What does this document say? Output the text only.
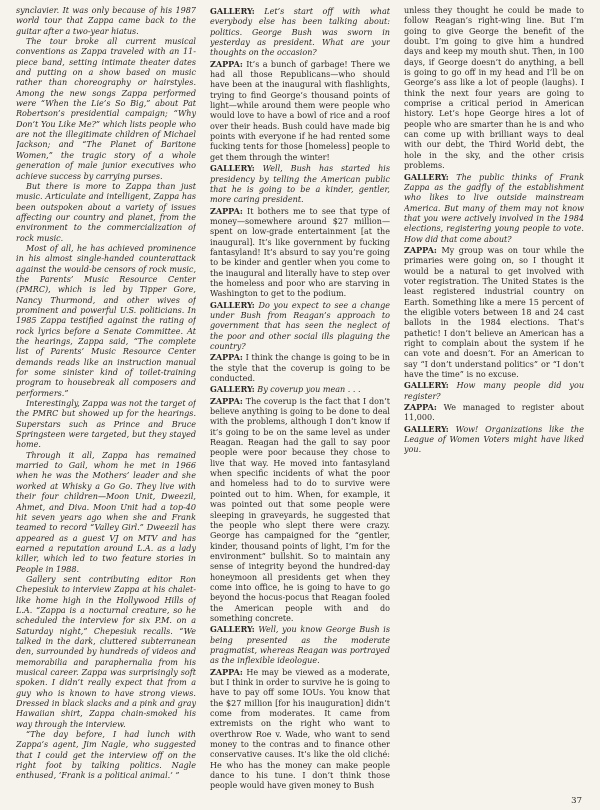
synclavier. It was only because of his 1987 world tour that Zappa came back to the guitar after a two-year hiatus.

The tour broke all current musical conventions as Zappa traveled with an 11-piece band, setting intimate theater dates and putting on a show based on music rather than choreography or hairstyles. Among the new songs Zappa performed were “When the Lie’s So Big,” about Pat Robertson’s presidential campaign; “Why Don’t You Like Me?” which lists people who are not the illegitimate children of Michael Jackson; and “The Planet of Baritone Women,” the tragic story of a whole generation of male junior executives who achieve success by carrying purses.

But there is more to Zappa than just music. Articulate and intelligent, Zappa has been outspoken about a variety of issues affecting our country and planet, from the environment to the commercialization of rock music.

Most of all, he has achieved prominence in his almost single-handed counterattack against the would-be censors of rock music, the Parents’ Music Resource Center (PMRC), which is led by Tipper Gore, Nancy Thurmond, and other wives of prominent and powerful U.S. politicians. In 1985 Zappa testified against the rating of rock lyrics before a Senate Committee. At the hearings, Zappa said, “The complete list of Parents’ Music Resource Center demands reads like an instruction manual for some sinister kind of toilet-training program to housebreak all composers and performers.”

Interestingly, Zappa was not the target of the PMRC but showed up for the hearings. Superstars such as Prince and Bruce Springsteen were targeted, but they stayed home.

Through it all, Zappa has remained married to Gail, whom he met in 1966 when he was the Mothers’ leader and she worked at Whisky a Go Go. They live with their four children—Moon Unit, Dweezil, Ahmet, and Diva. Moon Unit had a top-40 hit seven years ago when she and Frank teamed to record “Valley Girl.” Dweezil has appeared as a guest VJ on MTV and has earned a reputation around L.A. as a lady killer, which led to two feature stories in People in 1988.

Gallery sent contributing editor Ron Chepesiuk to interview Zappa at his chalet-like home high in the Hollywood Hills of L.A. “Zappa is a nocturnal creature, so he scheduled the interview for six P.M. on a Saturday night,” Chepesiuk recalls. “We talked in the dark, cluttered subterranean den, surrounded by hundreds of videos and memorabilia and paraphernalia from his musical career. Zappa was surprisingly soft spoken. I didn’t really expect that from a guy who is known to have strong views. Dressed in black slacks and a pink and gray Hawaiian shirt, Zappa chain-smoked his way through the interview.

“The day before, I had lunch with Zappa’s agent, Jim Nagle, who suggested that I could get the interview off on the right foot by talking politics. Nagle enthused, ‘Frank is a political animal.’ ”

GALLERY: Let’s start off with what everybody else has been talking about: politics. George Bush was sworn in yesterday as president. What are your thoughts on the occasion?

ZAPPA: It’s a bunch of garbage! There we had all those Republicans—who should have been at the inaugural with flashlights, trying to find George’s thousand points of light—while around them were people who would love to have a bowl of rice and a roof over their heads. Bush could have made big points with everyone if he had rented some fucking tents for those [homeless] people to get them through the winter!

GALLERY: Well, Bush has started his presidency by telling the American public that he is going to be a kinder, gentler, more caring president.

ZAPPA: It bothers me to see that type of money—somewhere around $27 million—spent on low-grade entertainment [at the inaugural]. It’s like government by fucking fantasyland! It’s absurd to say you’re going to be kinder and gentler when you come to the inaugural and literally have to step over the homeless and poor who are starving in Washington to get to the podium.

GALLERY: Do you expect to see a change under Bush from Reagan’s approach to government that has seen the neglect of the poor and other social ills plaguing the country?

ZAPPA: I think the change is going to be in the style that the coverup is going to be conducted.

GALLERY: By coverup you mean . . .

ZAPPA: The coverup is the fact that I don’t believe anything is going to be done to deal with the problems, although I don’t know if it’s going to be on the same level as under Reagan. Reagan had the gall to say poor people were poor because they chose to live that way. He moved into fantasyland when specific incidents of what the poor and homeless had to do to survive were pointed out to him. When, for example, it was pointed out that some people were sleeping in graveyards, he suggested that the people who slept there were crazy. George has campaigned for the “gentler, kinder, thousand points of light, I’m for the environment” bullshit. So to maintain any sense of integrity beyond the hundred-day honeymoon all presidents get when they come into office, he is going to have to go beyond the hocus-pocus that Reagan fooled the American people with and do something concrete.

GALLERY: Well, you know George Bush is being presented as the moderate pragmatist, whereas Reagan was portrayed as the inflexible ideologue.

ZAPPA: He may be viewed as a moderate, but I think in order to survive he is going to have to pay off some IOUs. You know that the $27 million [for his inauguration] didn’t come from moderates. It came from extremists on the right who want to overthrow Roe v. Wade, who want to send money to the contras and to finance other conservative causes. It’s like the old cliché: He who has the money can make people dance to his tune. I don’t think those people would have given money to Bush

unless they thought he could be made to follow Reagan’s right-wing line. But I’m going to give George the benefit of the doubt. I’m going to give him a hundred days and keep my mouth shut. Then, in 100 days, if George doesn’t do anything, a bell is going to go off in my head and I’ll be on George’s ass like a lot of people (laughs). I think the next four years are going to comprise a critical period in American history. Let’s hope George hires a lot of people who are smarter than he is and who can come up with brilliant ways to deal with our debt, the Third World debt, the hole in the sky, and the other crisis problems.

GALLERY: The public thinks of Frank Zappa as the gadfly of the establishment who likes to live outside mainstream America. But many of them may not know that you were actively involved in the 1984 elections, registering young people to vote. How did that come about?

ZAPPA: My group was on tour while the primaries were going on, so I thought it would be a natural to get involved with voter registration. The United States is the least registered industrial country on Earth. Something like a mere 15 percent of the eligible voters between 18 and 24 cast ballots in the 1984 elections. That’s pathetic! I don’t believe an American has a right to complain about the system if he can vote and doesn’t. For an American to say “I don’t understand politics” or “I don’t have the time” is no excuse.

GALLERY: How many people did you register?

ZAPPA: We managed to register about 11,000.

GALLERY: Wow! Organizations like the League of Women Voters might have liked you.

37
